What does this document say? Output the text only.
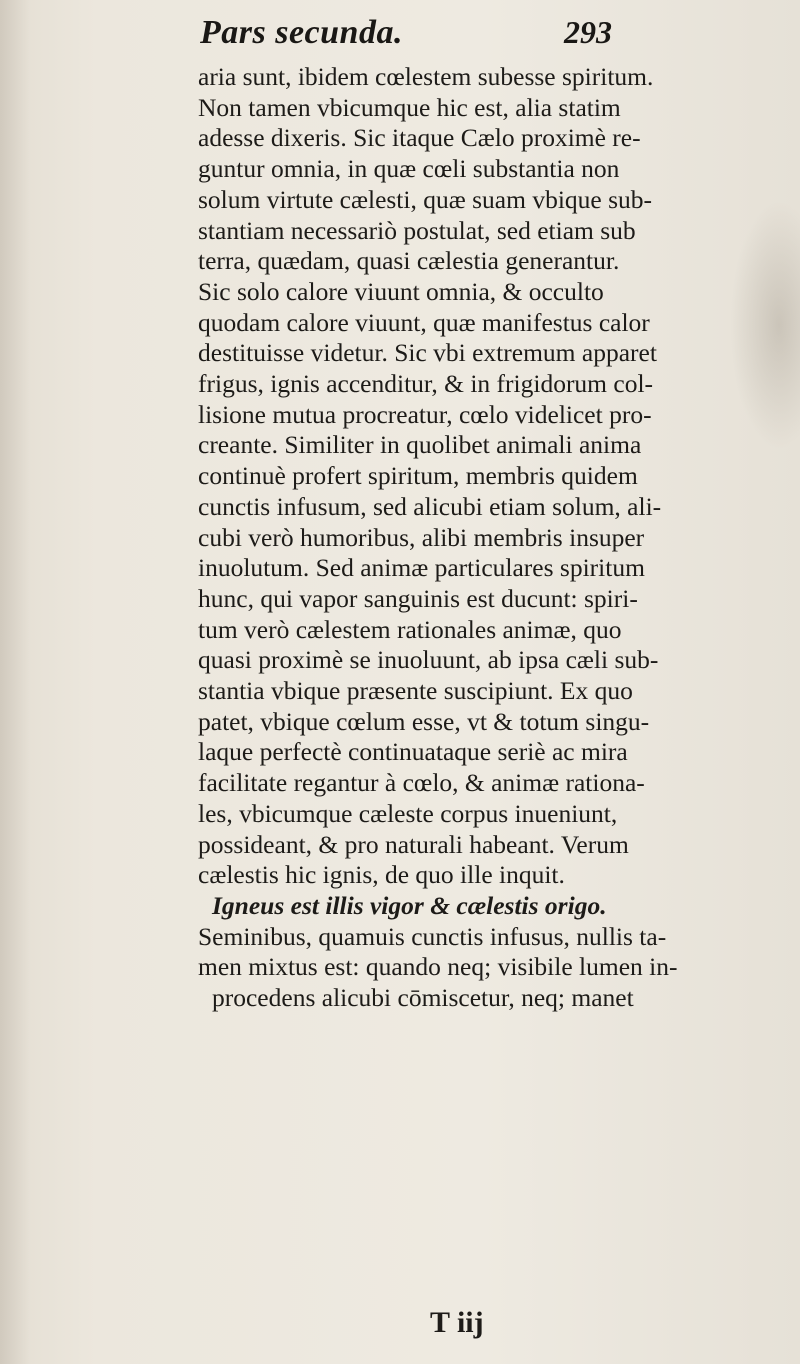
Pars secunda.	293
aria sunt, ibidem cœlestem subesse spiritum.
Non tamen vbicumque hic est, alia statim
adesse dixeris. Sic itaque Cælo proximè re-
guntur omnia, in quæ cœli substantia non
solum virtute cælesti, quæ suam vbique sub-
stantiam necessariò postulat, sed etiam sub
terra, quædam, quasi cælestia generantur.
Sic solo calore viuunt omnia, & occulto
quodam calore viuunt, quæ manifestus calor
destituisse videtur. Sic vbi extremum apparet
frigus, ignis accenditur, & in frigidorum col-
lisione mutua procreatur, cœlo videlicet pro-
creante. Similiter in quolibet animali anima
continuè profert spiritum, membris quidem
cunctis infusum, sed alicubi etiam solum, ali-
cubi verò humoribus, alibi membris insuper
inuolutum. Sed animæ particulares spiritum
hunc, qui vapor sanguinis est ducunt: spiri-
tum verò cælestem rationales animæ, quo
quasi proximè se inuoluunt, ab ipsa cæli sub-
stantia vbique præsente suscipiunt. Ex quo
patet, vbique cœlum esse, vt & totum singu-
laque perfectè continuataque seriè ac mira
facilitate regantur à cœlo, & animæ rationa-
les, vbicumque cæleste corpus inueniunt,
possideant, & pro naturali habeant. Verum
cælestis hic ignis, de quo ille inquit.
Igneus est illis vigor & cælestis origo.
Seminibus, quamuis cunctis infusus, nullis ta-
men mixtus est: quando neq; visibile lumen in-
procedens alicubi cōmiscetur, neq; manet
T iij
